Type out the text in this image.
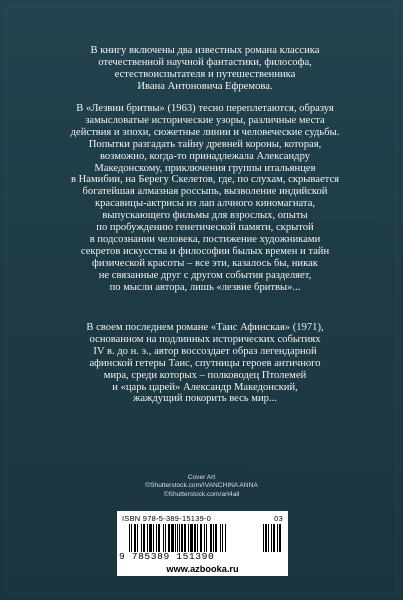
В книгу включены два известных романа классика

отечественной научной фантастики, философа,

естествоиспытателя и путешественника

Ивана Антоновича Ефремова.

В «Лезвии бритвы» (1963) тесно переплетаются, образуя

замысловатые исторические узоры, различные места

действия и эпохи, сюжетные линии и человеческие судьбы.

Попытки разгадать тайну древней короны, которая,

возможно, когда-то принадлежала Александру

Македонскому, приключения группы итальянцев

в Намибии, на Берегу Скелетов, где, по слухам, скрывается

богатейшая алмазная россыпь, вызволение индийской

красавицы-актрисы из лап алчного киномагната,

выпускающего фильмы для взрослых, опыты

по пробуждению генетической памяти, скрытой

в подсознании человека, постижение художниками

секретов искусства и философии былых времен и тайн

физической красоты – все эти, казалось бы, никак

не связанные друг с другом события разделяет,

по мысли автора, лишь «лезвие бритвы»...

В своем последнем романе «Таис Афинская» (1971),

основанном на подлинных исторических событиях

IV в. до н. э., автор воссоздает образ легендарной

афинской гетеры Таис, спутницы героев античного

мира, среди которых – полководец Птолемей

и «царь царей» Александр Македонский,

жаждущий покорить весь мир...

Cover Art
©Shutterstock.com/IVANCHINA ANNA
©Shutterstock.com/art4all
ISBN 978-5-389-15139-0	03
9 785389 151390
www.azbooka.ru
